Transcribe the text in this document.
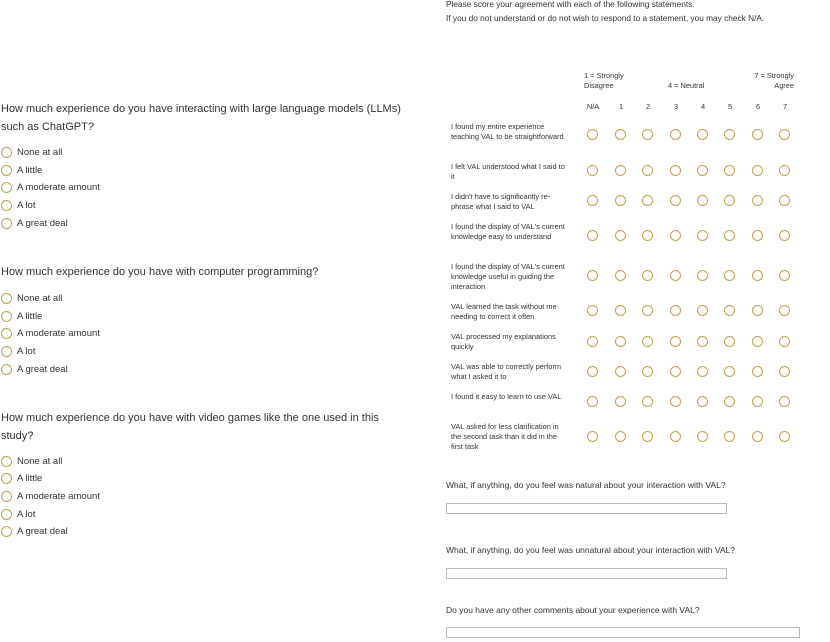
Please score your agreement with each of the following statements.
If you do not understand or do not wish to respond to a statement, you may check N/A.
How much experience do you have interacting with large language models (LLMs) such as ChatGPT?
None at all
A little
A moderate amount
A lot
A great deal
How much experience do you have with computer programming?
None at all
A little
A moderate amount
A lot
A great deal
How much experience do you have with video games like the one used in this study?
None at all
A little
A moderate amount
A lot
A great deal
1 = Strongly Disagree	4 = Neutral
7 = Strongly Agree
N/A	1	2	3	4	5	6	7
I found my entire experience teaching VAL to be straightforward
I felt VAL understood what I said to it
I didn't have to significantly re-phrase what I said to VAL
I found the display of VAL's current knowledge easy to understand
I found the display of VAL's current knowledge useful in guiding the interaction
VAL learned the task without me needing to correct it often
VAL processed my explanations quickly
VAL was able to correctly perform what I asked it to
I found it easy to learn to use VAL
VAL asked for less clarification in the second task than it did in the first task
What, if anything, do you feel was natural about your interaction with VAL?
What, if anything, do you feel was unnatural about your interaction with VAL?
Do you have any other comments about your experience with VAL?
